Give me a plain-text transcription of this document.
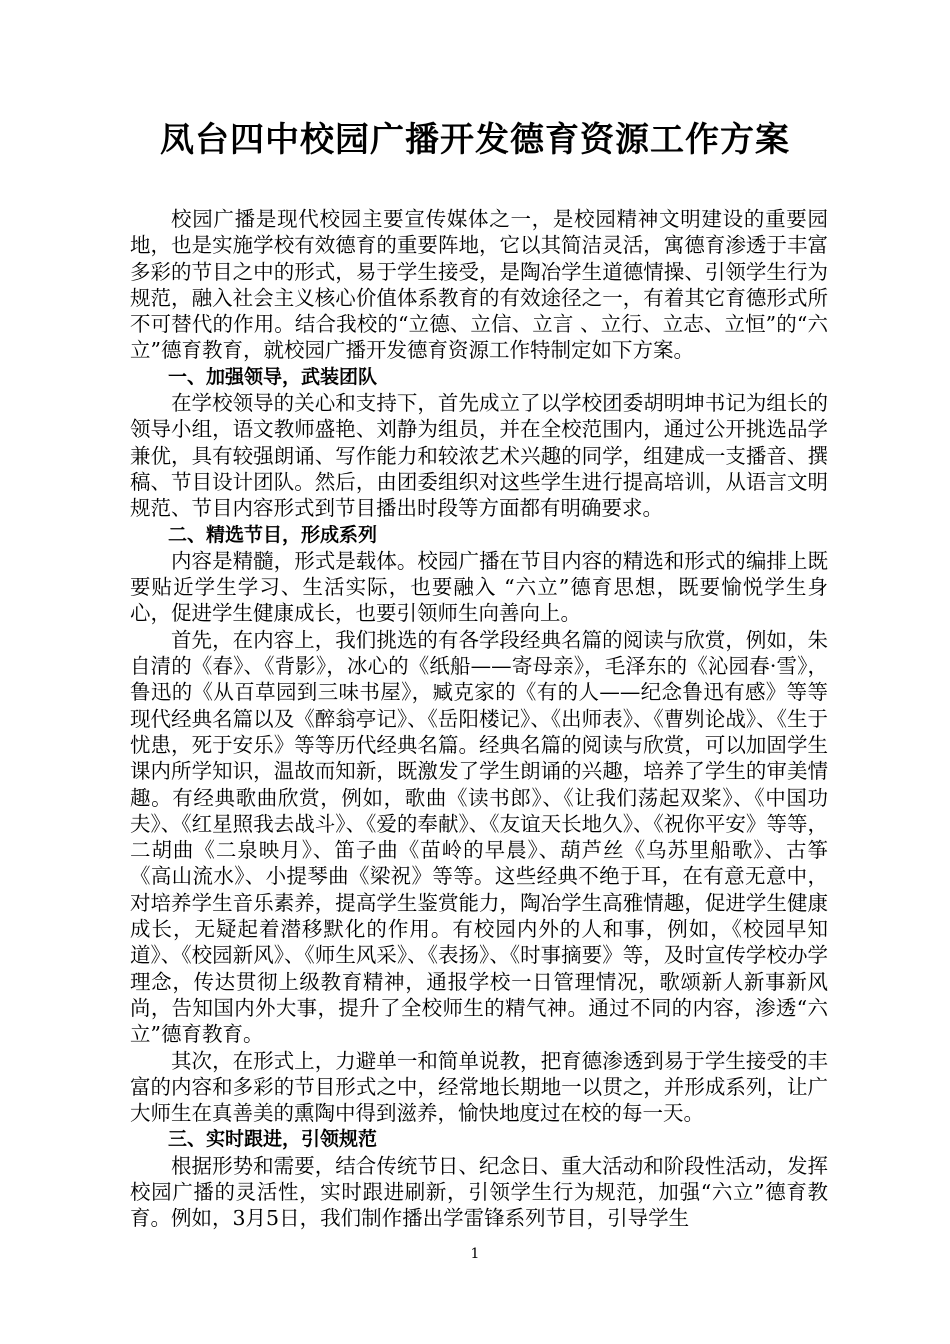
凤台四中校园广播开发德育资源工作方案

校园广播是现代校园主要宣传媒体之一，是校园精神文明建设的重要园地，也是实施学校有效德育的重要阵地，它以其简洁灵活，寓德育渗透于丰富多彩的节目之中的形式，易于学生接受，是陶冶学生道德情操、引领学生行为规范，融入社会主义核心价值体系教育的有效途径之一，有着其它育德形式所不可替代的作用。结合我校的“立德、立信、立言 、立行、立志、立恒”的“六立”德育教育，就校园广播开发德育资源工作特制定如下方案。

一、加强领导，武装团队

在学校领导的关心和支持下，首先成立了以学校团委胡明坤书记为组长的领导小组，语文教师盛艳、刘静为组员，并在全校范围内，通过公开挑选品学兼优，具有较强朗诵、写作能力和较浓艺术兴趣的同学，组建成一支播音、撰稿、节目设计团队。然后，由团委组织对这些学生进行提高培训，从语言文明规范、节目内容形式到节目播出时段等方面都有明确要求。

二、精选节目，形成系列

内容是精髓，形式是载体。校园广播在节目内容的精选和形式的编排上既要贴近学生学习、生活实际，也要融入 “六立”德育思想，既要愉悦学生身心，促进学生健康成长，也要引领师生向善向上。

首先，在内容上，我们挑选的有各学段经典名篇的阅读与欣赏，例如，朱自清的《春》、《背影》，冰心的《纸船——寄母亲》，毛泽东的《沁园春·雪》，鲁迅的《从百草园到三味书屋》，臧克家的《有的人——纪念鲁迅有感》等等现代经典名篇以及《醉翁亭记》、《岳阳楼记》、《出师表》、《曹刿论战》、《生于忧患，死于安乐》等等历代经典名篇。经典名篇的阅读与欣赏，可以加固学生课内所学知识，温故而知新，既激发了学生朗诵的兴趣，培养了学生的审美情趣。有经典歌曲欣赏，例如，歌曲《读书郎》、《让我们荡起双桨》、《中国功夫》、《红星照我去战斗》、《爱的奉献》、《友谊天长地久》、《祝你平安》等等，二胡曲《二泉映月》、笛子曲《苗岭的早晨》、葫芦丝《乌苏里船歌》、古筝《高山流水》、小提琴曲《梁祝》等等。这些经典不绝于耳，在有意无意中，对培养学生音乐素养，提高学生鉴赏能力，陶冶学生高雅情趣，促进学生健康成长，无疑起着潜移默化的作用。有校园内外的人和事，例如，《校园早知道》、《校园新风》、《师生风采》、《表扬》、《时事摘要》等，及时宣传学校办学理念，传达贯彻上级教育精神，通报学校一日管理情况，歌颂新人新事新风尚，告知国内外大事，提升了全校师生的精气神。通过不同的内容，渗透“六立”德育教育。

其次，在形式上，力避单一和简单说教，把育德渗透到易于学生接受的丰富的内容和多彩的节目形式之中，经常地长期地一以贯之，并形成系列，让广大师生在真善美的熏陶中得到滋养，愉快地度过在校的每一天。

三、实时跟进，引领规范

根据形势和需要，结合传统节日、纪念日、重大活动和阶段性活动，发挥校园广播的灵活性，实时跟进刷新，引领学生行为规范，加强“六立”德育教育。例如，3月5日，我们制作播出学雷锋系列节目，引导学生

1
